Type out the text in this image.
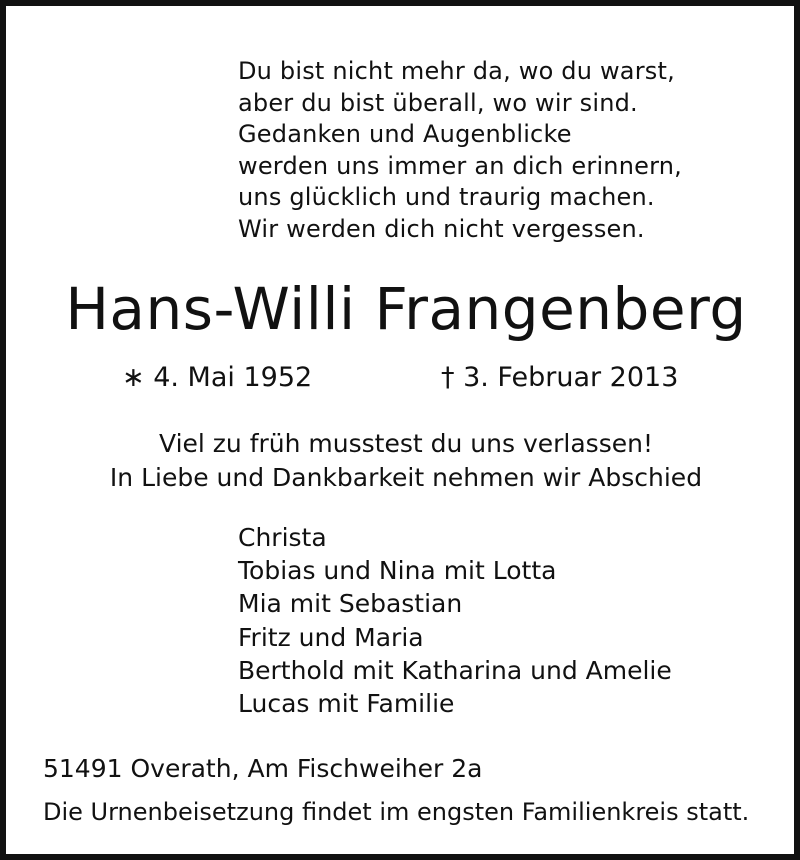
Du bist nicht mehr da, wo du warst,
aber du bist überall, wo wir sind.
Gedanken und Augenblicke
werden uns immer an dich erinnern,
uns glücklich und traurig machen.
Wir werden dich nicht vergessen.
Hans-Willi Frangenberg
∗ 4. Mai 1952	† 3. Februar 2013
Viel zu früh musstest du uns verlassen!
In Liebe und Dankbarkeit nehmen wir Abschied
Christa
Tobias und Nina mit Lotta
Mia mit Sebastian
Fritz und Maria
Berthold mit Katharina und Amelie
Lucas mit Familie
51491 Overath, Am Fischweiher 2a
Die Urnenbeisetzung findet im engsten Familienkreis statt.
